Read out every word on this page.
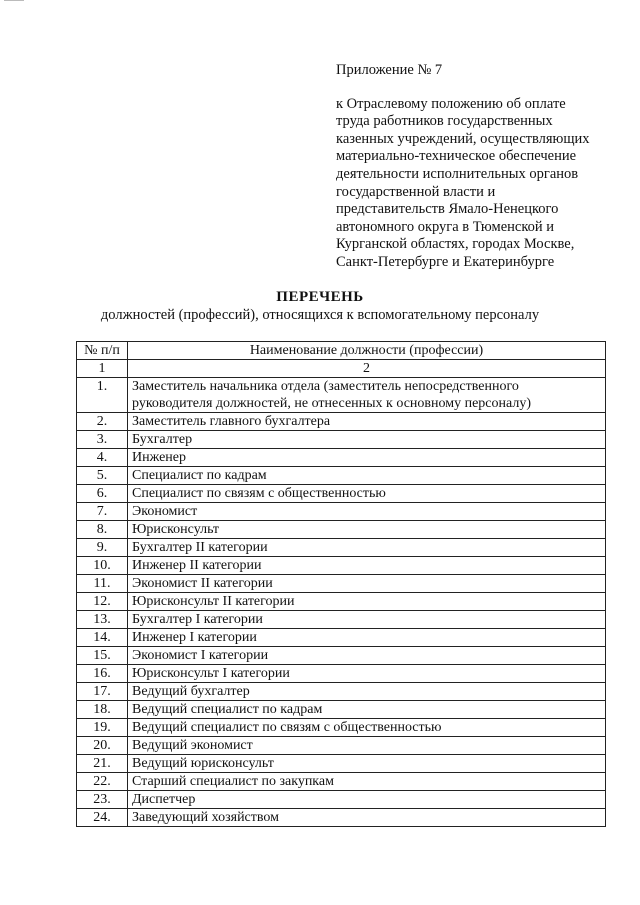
Приложение № 7

к Отраслевому положению об оплате
труда работников государственных
казенных учреждений, осуществляющих
материально-техническое обеспечение
деятельности исполнительных органов
государственной власти и
представительств Ямало-Ненецкого
автономного округа в Тюменской и
Курганской областях, городах Москве,
Санкт-Петербурге и Екатеринбурге

ПЕРЕЧЕНЬ
должностей (профессий), относящихся к вспомогательному персоналу
№ п/п	Наименование должности (профессии)
1	2
1.	Заместитель начальника отдела (заместитель непосредственного руководителя должностей, не отнесенных к основному персоналу)
2.	Заместитель главного бухгалтера
3.	Бухгалтер
4.	Инженер
5.	Специалист по кадрам
6.	Специалист по связям с общественностью
7.	Экономист
8.	Юрисконсульт
9.	Бухгалтер II категории
10.	Инженер II категории
11.	Экономист II категории
12.	Юрисконсульт II категории
13.	Бухгалтер I категории
14.	Инженер I категории
15.	Экономист I категории
16.	Юрисконсульт I категории
17.	Ведущий бухгалтер
18.	Ведущий специалист по кадрам
19.	Ведущий специалист по связям с общественностью
20.	Ведущий экономист
21.	Ведущий юрисконсульт
22.	Старший специалист по закупкам
23.	Диспетчер
24.	Заведующий хозяйством
